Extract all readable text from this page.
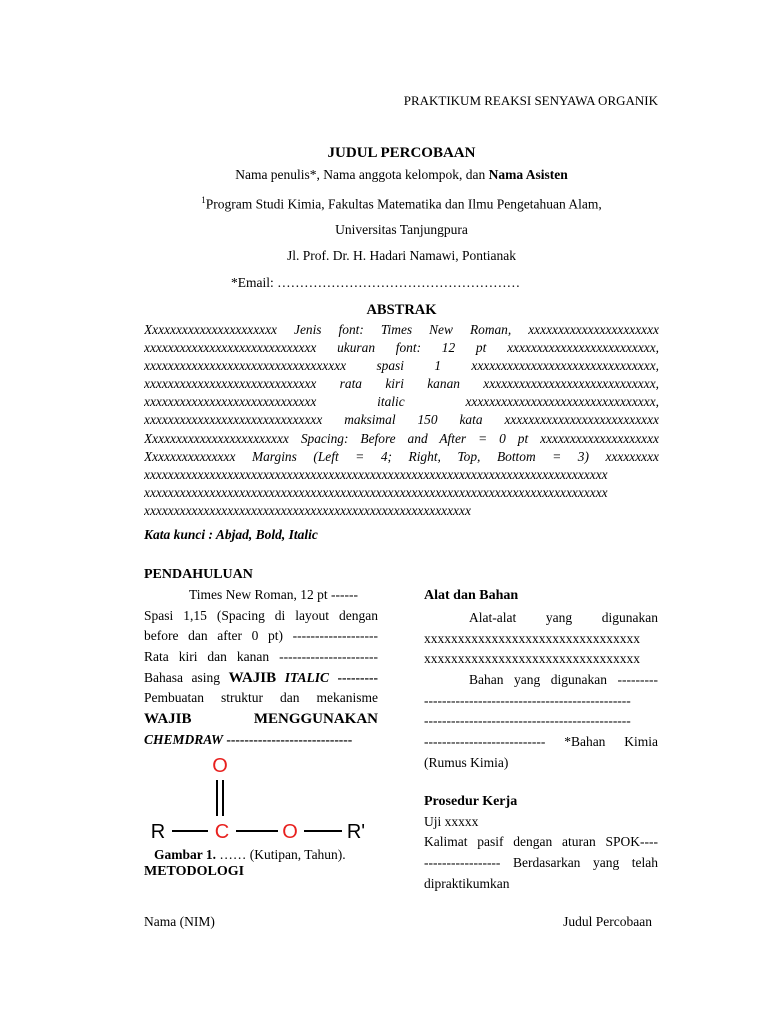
PRAKTIKUM REAKSI SENYAWA ORGANIK
JUDUL PERCOBAAN
Nama penulis*, Nama anggota kelompok, dan Nama Asisten
$^1$Program Studi Kimia, Fakultas Matematika dan Ilmu Pengetahuan Alam,
Universitas Tanjungpura
Jl. Prof. Dr. H. Hadari Namawi, Pontianak
*Email: ………………………………………………
ABSTRAK
Xxxxxxxxxxxxxxxxxxxxxx Jenis font: Times New Roman, xxxxxxxxxxxxxxxxxxxxxx
xxxxxxxxxxxxxxxxxxxxxxxxxxxxx ukuran font: 12 pt xxxxxxxxxxxxxxxxxxxxxxxxx,
xxxxxxxxxxxxxxxxxxxxxxxxxxxxxxxxxx spasi 1 xxxxxxxxxxxxxxxxxxxxxxxxxxxxxxx,
xxxxxxxxxxxxxxxxxxxxxxxxxxxxx rata kiri kanan xxxxxxxxxxxxxxxxxxxxxxxxxxxxx,
xxxxxxxxxxxxxxxxxxxxxxxxxxxxx italic xxxxxxxxxxxxxxxxxxxxxxxxxxxxxxxx,
xxxxxxxxxxxxxxxxxxxxxxxxxxxxxx maksimal 150 kata xxxxxxxxxxxxxxxxxxxxxxxxxx
Xxxxxxxxxxxxxxxxxxxxxxxx Spacing: Before and After = 0 pt xxxxxxxxxxxxxxxxxxxx
Xxxxxxxxxxxxxxx Margins (Left = 4; Right, Top, Bottom = 3) xxxxxxxxx
xxxxxxxxxxxxxxxxxxxxxxxxxxxxxxxxxxxxxxxxxxxxxxxxxxxxxxxxxxxxxxxxxxxxxxxxxxxxxx
xxxxxxxxxxxxxxxxxxxxxxxxxxxxxxxxxxxxxxxxxxxxxxxxxxxxxxxxxxxxxxxxxxxxxxxxxxxxxx
xxxxxxxxxxxxxxxxxxxxxxxxxxxxxxxxxxxxxxxxxxxxxxxxxxxxxxx
Kata kunci : Abjad, Bold, Italic
PENDAHULUAN
Times New Roman, 12 pt ------
Spasi 1,15 (Spacing di layout dengan
before dan after 0 pt) -------------------
Rata kiri dan kanan ----------------------
Bahasa asing WAJIB ITALIC ---------
Pembuatan struktur dan mekanisme
WAJIB	MENGGUNAKAN
CHEMDRAW ----------------------------
O
R C	O R'
Gambar 1. …… (Kutipan, Tahun).
METODOLOGI
Alat dan Bahan
Alat-alat yang digunakan
xxxxxxxxxxxxxxxxxxxxxxxxxxxxxxxx
xxxxxxxxxxxxxxxxxxxxxxxxxxxxxxxx
Bahan yang digunakan ---------
----------------------------------------------
----------------------------------------------
--------------------------- *Bahan Kimia
(Rumus Kimia)
Prosedur Kerja
Uji xxxxx
Kalimat pasif dengan aturan SPOK----
----------------- Berdasarkan yang telah
dipraktikumkan
Nama (NIM)	Judul Percobaan
